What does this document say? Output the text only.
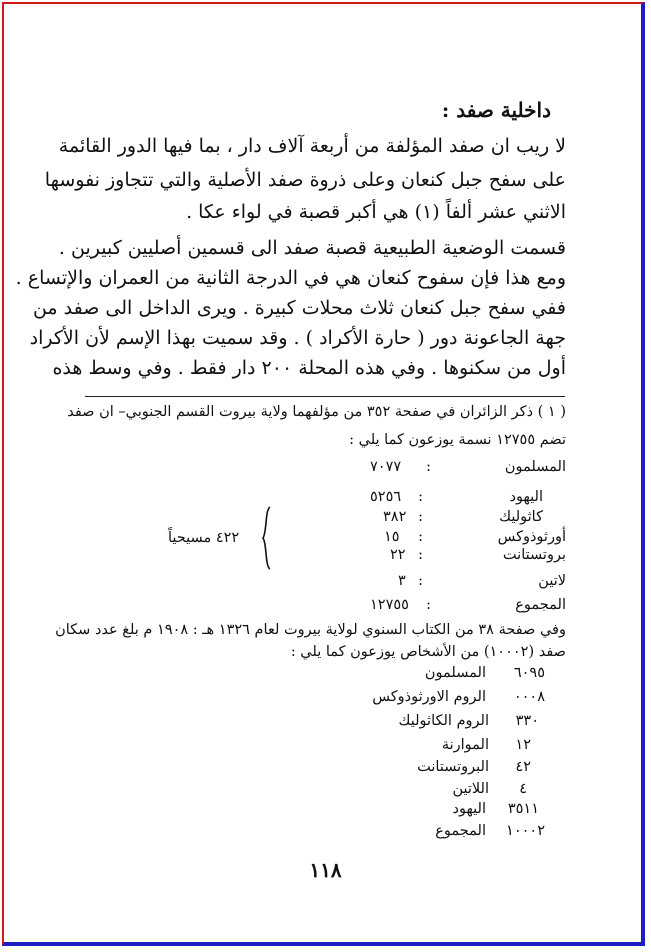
داخلية صفد :
لا ريب ان صفد المؤلفة من أربعة آلاف دار ، بما فيها الدور القائمة
على سفح جبل كنعان وعلى ذروة صفد الأصلية والتي تتجاوز نفوسها
الاثني عشر ألفاً (١) هي أكبر قصبة في لواء عكا .
قسمت الوضعية الطبيعية قصبة صفد الى قسمين أصليين كبيرين .
ومع هذا فإن سفوح كنعان هي في الدرجة الثانية من العمران والإتساع .
ففي سفح جبل كنعان ثلاث محلات كبيرة . ويرى الداخل الى صفد من
جهة الجاعونة دور ( حارة الأكراد ) . وقد سميت بهذا الإسم لأن الأكراد
أول من سكنوها . وفي هذه المحلة ٢٠٠ دار فقط . وفي وسط هذه
( ١ ) ذكر الزائران في صفحة ٣٥٢ من مؤلفهما ولاية بيروت القسم الجنوبي– ان صفد
تضم ١٢٧٥٥ نسمة يوزعون كما يلي :
المسلمون
:
٧٠٧٧
اليهود
:
٥٢٥٦
كاثوليك
:
٣٨٢
أورثوذوكس
:
١٥
بروتستانت
:
٢٢
لاتين
:
٣
المجموع
:
١٢٧٥٥
٤٢٢ مسيحياً
وفي صفحة ٣٨ من الكتاب السنوي لولاية بيروت لعام ١٣٢٦ هـ : ١٩٠٨ م بلغ عدد سكان
صفد (١٠٠٠٢) من الأشخاص يوزعون كما يلي :
٦٠٩٥
المسلمون
٠٠٠٨
الروم الاورثوذوكس
٣٣٠
الروم الكاثوليك
١٢
الموارنة
٤٢
البروتستانت
٤
اللاتين
٣٥١١
اليهود
١٠٠٠٢
المجموع
١١٨
